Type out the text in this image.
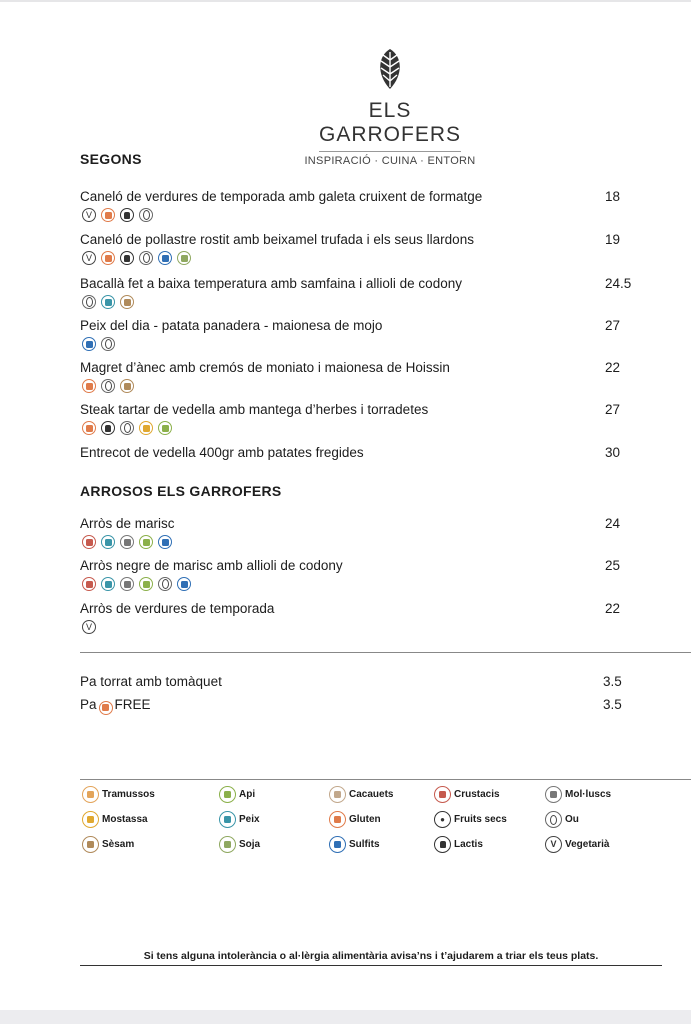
ELS GARROFERS
INSPIRACIÓ · CUINA · ENTORN
SEGONS
Caneló de verdures de temporada amb galeta cruixent de formatge	18
V
Caneló de pollastre rostit amb beixamel trufada i els seus llardons	19
V
Bacallà fet a baixa temperatura amb samfaina i allioli de codony	24.5
Peix del dia - patata panadera - maionesa de mojo	27
Magret d’ànec amb cremós de moniato i maionesa de Hoissin	22
Steak tartar de vedella amb mantega d’herbes i torradetes	27
Entrecot de vedella 400gr amb patates fregides	30
ARROSOS ELS GARROFERS
Arròs de marisc	24
Arròs negre de marisc amb allioli de codony	25
Arròs de verdures de temporada	22
V
Pa torrat amb tomàquet	3.5
Pa FREE	3.5
Tramussos	Api	Cacauets	Crustacis	Mol·luscs
Mostassa	Peix	Gluten	● Fruits secs	Ou
Sèsam	Soja	Sulfits	Lactis	V Vegetarià
Si tens alguna intolerància o al·lèrgia alimentària avisa’ns i t’ajudarem a triar els teus plats.
